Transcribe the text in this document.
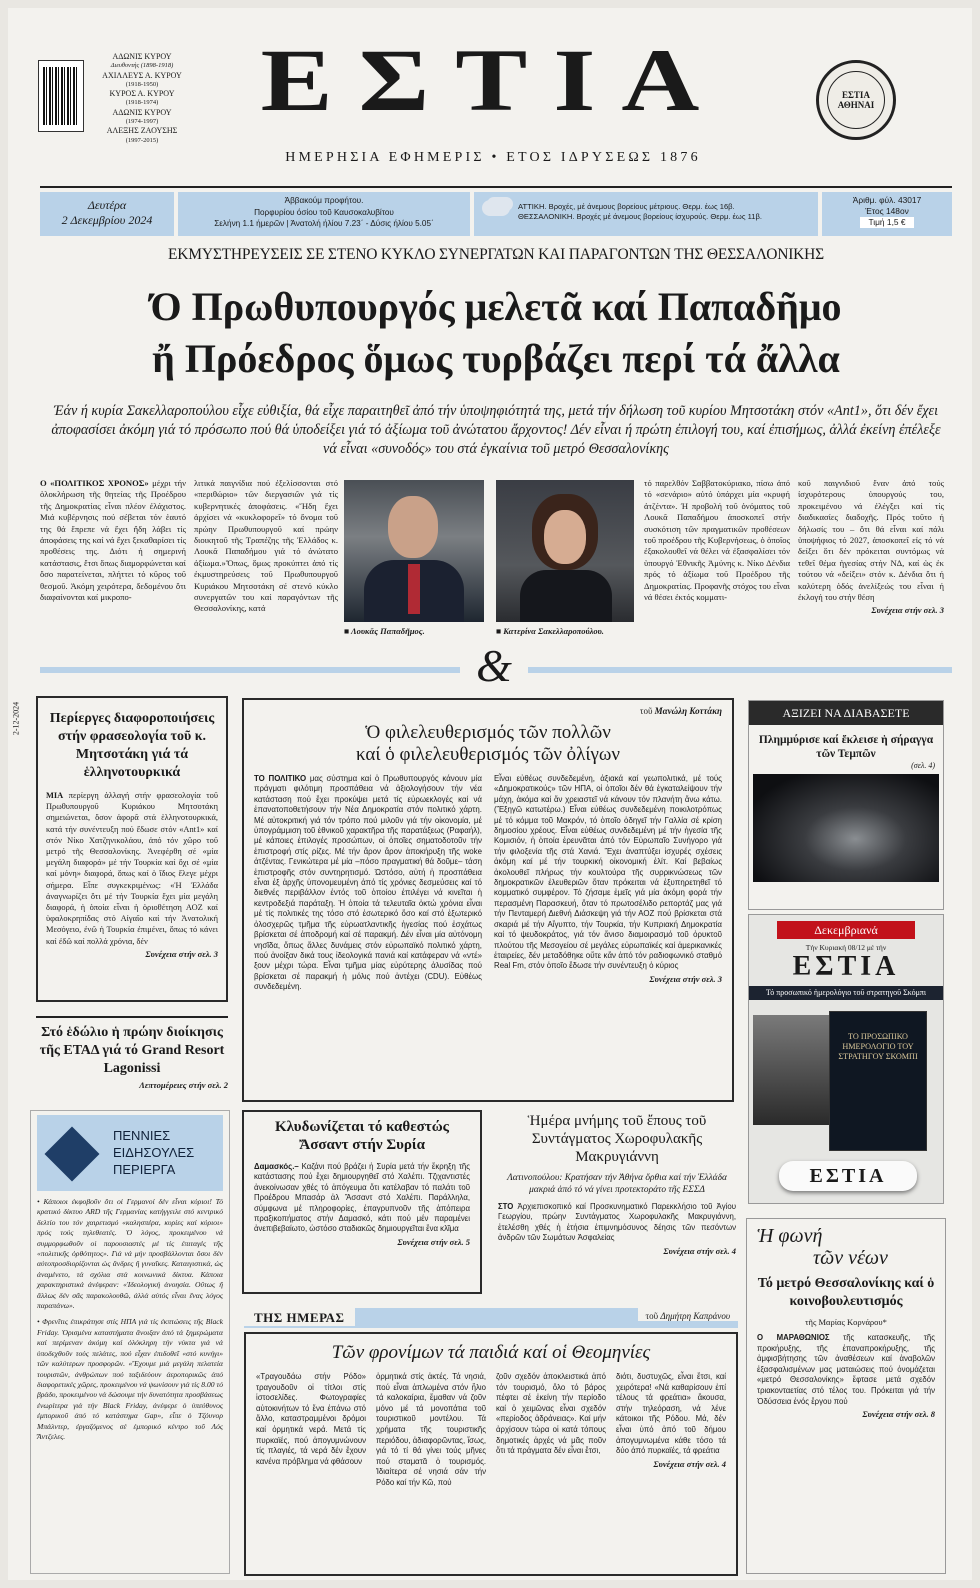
ΑΔΩΝΙΣ ΚΥΡΟΥ
Διευθυντής (1898-1918)
ΑΧΙΛΛΕΥΣ Α. ΚΥΡΟΥ
(1918-1950)
ΚΥΡΟΣ Α. ΚΥΡΟΥ
(1918-1974)
ΑΔΩΝΙΣ ΚΥΡΟΥ
(1974-1997)
ΑΛΕΞΗΣ ΖΑΟΥΣΗΣ
(1997-2015)
ΕΣΤΙΑ
ΗΜΕΡΗΣΙΑ ΕΦΗΜΕΡΙΣ • ΕΤΟΣ ΙΔΡΥΣΕΩΣ 1876
ΕΣΤΙΑ ΑΘΗΝΑΙ
Δευτέρα
2 Δεκεμβρίου 2024
Άββακούμ προφήτου.
Πορφυρίου όσίου τοῦ Καυσοκαλυβίτου
Σελήνη 1.1 ήμερῶν | Άνατολή ήλίου 7.23΄ - Δύσις ήλίου 5.05΄
ΑΤΤΙΚΗ. Βροχές, μέ άνεμους βορείους μέτριους. Θερμ. έως 16β.
ΘΕΣΣΑΛΟΝΙΚΗ. Βροχές μέ άνεμους βορείους ίσχυρούς. Θερμ. έως 11β.
Άριθμ. φύλ. 43017
Έτος 148ον
Τιμή 1,5 €
ΕΚΜΥΣΤΗΡΕΥΣΕΙΣ ΣΕ ΣΤΕΝΟ ΚΥΚΛΟ ΣΥΝΕΡΓΑΤΩΝ ΚΑΙ ΠΑΡΑΓΟΝΤΩΝ ΤΗΣ ΘΕΣΣΑΛΟΝΙΚΗΣ
Ό Πρωθυπουργός μελετᾶ καί Παπαδῆμο
ἤ Πρόεδρος ὅμως τυρβάζει περί τά ἄλλα
Έάν ή κυρία Σακελλαροπούλου εἶχε εὐθιξία, θά εἶχε παραιτηθεῖ ἀπό τήν ὑποψηφιότητά της, μετά τήν δήλωση τοῦ κυρίου Μητσοτάκη στόν «Ant1», ὅτι δέν ἔχει ἀποφασίσει ἀκόμη γιά τό πρόσωπο πού θά ὑποδείξει γιά τό ἀξίωμα τοῦ ἀνώτατου ἄρχοντος! Δέν εἶναι ή πρώτη ἐπιλογή του, καί ἐπισήμως, ἀλλά ἐκείνη ἐπέλεξε νά εἶναι «συνοδός» του στά ἐγκαίνια τοῦ μετρό Θεσσαλονίκης
Ο «ΠΟΛΙΤΙΚΟΣ ΧΡΟΝΟΣ» μέχρι τήν ὁλοκλήρωση τῆς θητείας τῆς Προέδρου τῆς Δημοκρατίας εἶναι πλέον ἐλάχιστος. Μιά κυβέρνησις πού σέβεται τόν ἑαυτό της θά ἔπρεπε νά ἔχει ἤδη λάβει τίς ἀποφάσεις της καί νά ἔχει ξεκαθαρίσει τίς προθέσεις της. Διότι ή σημερινή κατάστασις, ἔτσι ὅπως διαμορφώνεται καί ὅσο παρατείνεται, πλήττει τό κῦρος τοῦ θεσμοῦ. Ἀκόμη χειρότερα, δεδομένου ὅτι διαφαίνονται καί μικροπο-
λιτικά παιγνίδια πού ἐξελίσσονται στό «περιθώριο» τῶν διεργασιῶν γιά τίς κυβερνητικές ἀποφάσεις. «Ἤδη ἔχει ἀρχίσει νά «κυκλοφορεῖ» τό ὄνομα τοῦ πρώην Πρωθυπουργοῦ καί πρώην διοικητοῦ τῆς Τραπέζης τῆς Ἑλλάδος κ. Λουκᾶ Παπαδήμου γιά τό ἀνώτατο ἀξίωμα.»Ὅπως, ὅμως προκύπτει ἀπό τίς ἐκμυστηρεύσεις τοῦ Πρωθυπουργοῦ Κυριάκου Μητσοτάκη σέ στενό κύκλο συνεργατῶν του καί παραγόντων τῆς Θεσσαλονίκης, κατά
■ Λουκᾶς Παπαδῆμος.	■ Κατερίνα Σακελλαροπούλου.
τό παρελθόν Σαββατοκύριακο, πίσω ἀπό τό «σενάριο» αὐτό ὑπάρχει μία «κρυφή ἀτζέντα». Ή προβολή τοῦ ὀνόματος τοῦ Λουκᾶ Παπαδήμου ἀποσκοπεῖ στήν συσκότιση τῶν πραγματικῶν προθέσεων τοῦ προέδρου τῆς Κυβερνήσεως, ὁ ὁποῖος ἐξακολουθεῖ νά θέλει νά ἐξασφαλίσει τόν ὑπουργό Ἐθνικῆς Ἀμύνης κ. Νίκο Δένδια πρός τό ἀξίωμα τοῦ Προέδρου τῆς Δημοκρατίας. Προφανῆς στόχος του εἶναι νά θέσει ἐκτός κομματι-
κοῦ παιγνιδιοῦ ἕναν ἀπό τούς ἰσχυρότερους ὑπουργούς του, προκειμένου νά ἐλέγξει καί τίς διαδικασίες διαδοχῆς. Πρός τοῦτο ή δήλωσίς του – ὅτι θά εἶναι καί πάλι ὑποψήφιος τό 2027, ἀποσκοπεῖ εἰς τό νά δείξει ὅτι δέν πρόκειται συντόμως νά τεθεῖ θέμα ἡγεσίας στήν ΝΔ, καί ὡς ἐκ τούτου νά «δείξει» στόν κ. Δένδια ὅτι ή καλύτερη ὁδός ἀνελίξεώς του εἶναι ή ἐκλογή του στήν θέση
Συνέχεια στήν σελ. 3
&
Περίεργες διαφοροποιήσεις στήν φρασεολογία τοῦ κ. Μητσοτάκη γιά τά ἑλληνοτουρκικά
ΜΙΑ περίεργη ἀλλαγή στήν φρασεολογία τοῦ Πρωθυπουργοῦ Κυριάκου Μητσοτάκη σημειώνεται, ὅσον ἀφορᾶ στά ἑλληνοτουρκικά, κατά τήν συνέντευξη πού ἔδωσε στόν «Ant1» καί στόν Νίκο Χατζηνικολάου, ἀπό τόν χῶρο τοῦ μετρό τῆς Θεσσαλονίκης. Ἀνεφέρθη σέ «μία μεγάλη διαφορά» μέ τήν Τουρκία καί ὄχι σέ «μία καί μόνη» διαφορά, ὅπως καί ὁ ἴδιος ἔλεγε μέχρι σήμερα. Εἶπε συγκεκριμένως: «Ἡ Ἑλλάδα ἀναγνωρίζει ὅτι μέ τήν Τουρκία ἔχει μία μεγάλη διαφορά, ἡ ὁποία εἶναι ἡ ὁριοθέτηση ΑΟΖ καί ὑφαλοκρηπίδας στό Αἰγαῖο καί τήν Ἀνατολική Μεσόγειο, ἐνῶ ἡ Τουρκία ἐπιμένει, ὅπως τό κάνει καί ἐδῶ καί πολλά χρόνια, δέν
Συνέχεια στήν σελ. 3
Στό ἑδώλιο ἡ πρώην διοίκησις τῆς ΕΤΑΔ γιά τό Grand Resort Lagonissi
Λεπτομέρειες στήν σελ. 2
ΠΕΝΝΙΕΣ
ΕΙΔΗΣΟΥΛΕΣ
ΠΕΡΙΕΡΓΑ
• Κάποιοι ἐκφοβοῦν ὅτι οἱ Γερμανοί δέν εἶναι κύριοι! Τό κρατικό δίκτυο ARD τῆς Γερμανίας κατήγγειλε στό κεντρικό δελτίο του τόν χαιρετισμό «καλησπέρα, κυρίες καί κύριοι» πρός τούς τηλεθεατές. Ὁ λόγος, προκειμένου νά συμμορφωθοῦν οἱ παρουσιαστές μέ τίς ἐπιταγές τῆς «πολιτικῆς ὀρθότητος». Γιά νά μήν προσβάλλονται ὅσοι δέν αὐτοπροσδιορίζονται ὡς ἄνδρες ἤ γυναῖκες. Καταιγιστικά, ὡς ἀναμένετο, τά σχόλια στά κοινωνικά δίκτυα. Κάποια χαρακτηριστικά ἀνέφεραν: «Ἰδεολογική ἀνοησία. Οὔτως ἤ ἄλλως δέν σᾶς παρακολουθῶ, ἀλλά αὐτός εἶναι ἕνας λόγος παραπάνω».
• Φρενῖτις ἐπικράτησε στίς ΗΠΑ γιά τίς ἐκπτώσεις τῆς Black Friday. Ὁρισμένα καταστήματα ἄνοιξαν ἀπό τά ξημερώματα καί περίμεναν ἀκόμη καί ὁλόκληρη τήν νύκτα γιά νά ὑποδεχθοῦν τούς πελάτες, πού εἶχαν ἐπιδοθεῖ «στό κυνήγι» τῶν καλύτερων προσφορῶν. «Ἔχουμε μιά μεγάλη πελατεία τουριστῶν, ἀνθρώπων πού ταξιδεύουν ἀεροπορικῶς ἀπό διαφορετικές χῶρες, προκειμένου νά ψωνίσουν γιά τίς 8.00 τό βράδυ, προκειμένου νά δώσουμε τήν δυνατότητα προσβάσεως ἐνωρίτερα γιά τήν Black Friday, ἀνέφερε ὁ ὑπεύθυνος ἐμπορικοῦ ἀπό τό κατάστημα Gap», εἶπε ὁ Τζόυνορ Μπάλντερ, ἐργαζόμενος σέ ἐμπορικό κέντρο τοῦ Λός Ἄντζελες.
τοῦ Μανώλη Κοττάκη
Ὁ φιλελευθερισμός τῶν πολλῶν
καί ὁ φιλελευθερισμός τῶν ὀλίγων
ΤΟ ΠΟΛΙΤΙΚΟ μας σύστημα καί ὁ Πρωθυπουργός κάνουν μία πράγματι φιλότιμη προσπάθεια νά ἀξιολογήσουν τήν νέα κατάσταση πού ἔχει προκύψει μετά τίς εὐρωεκλογές καί νά ἐπανατοποθετήσουν τήν Νέα Δημοκρατία στόν πολιτικό χάρτη. Μέ αὐτοκριτική γιά τόν τρόπο πού μιλοῦν γιά τήν οἰκονομία, μέ ὑπογράμμιση τοῦ ἐθνικοῦ χαρακτῆρα τῆς παρατάξεως (Ραφαήλ), μέ κάποιες ἐπιλογές προσώπων, οἱ ὁποῖες σηματοδοτοῦν τήν ἐπιστροφή στίς ρίζες. Μέ τήν ἄρον ἄρον ἀποκήρυξη τῆς woke ἀτζέντας. Γενικώτερα μέ μία –πόσο πραγματική θά δοῦμε– τάση ἐπιστροφῆς στόν συντηρητισμό. Ὡστόσο, αὐτή ἡ προσπάθεια εἶναι ἐξ ἀρχῆς ὑπονομευμένη ἀπό τίς χρόνιες δεσμεύσεις καί τό διεθνές περιβάλλον ἐντός τοῦ ὁποίου ἐπιλέγει νά κινεῖται ἡ κεντροδεξιά παράταξη. Ἡ ὁποία τά τελευταῖα ὀκτώ χρόνια εἶναι μέ τίς πολιτικές της τόσο στό ἐσωτερικό ὅσο καί στό ἐξωτερικό ὀλοσχερῶς τμῆμα τῆς εὐρωατλαντικῆς ἡγεσίας πού ἐσχάτως βρίσκεται σέ ἀποδρομή καί σέ παρακμή. Δέν εἶναι μία αὐτόνομη νησῖδα, ὅπως ἄλλες δυνάμεις στόν εὐρωπαϊκό πολιτικό χάρτη, πού ἀνοίξαν δικά τους ἰδεολογικά πανιά καί κατάφεραν νά «ντέ» ξουν μέχρι τώρα. Εἶναι τμῆμα μίας εὐρύτερης ἀλυσίδας πού βρίσκεται σέ παρακμή ἡ μόλις πού ἀντέχει (CDU). Εὐθέως συνδεδεμένη.
Εἶναι εὐθέως συνδεδεμένη, ἀξιακά καί γεωπολιτικά, μέ τούς «Δημοκρατικούς» τῶν ΗΠΑ, οἱ ὁποῖοι δέν θά ἐγκαταλείψουν τήν μάχη, ἀκόμα καί ἄν χρειαστεῖ νά κάνουν τόν πλανήτη ἄνω κάτω. (Ἔξηγῶ κατωτέρω.) Εἶναι εὐθέως συνδεδεμένη ποικιλοτρόπως μέ τό κόμμα τοῦ Μακρόν, τό ὁποῖο ὁδηγεῖ τήν Γαλλία σέ κρίση δημοσίου χρέους. Εἶναι εὐθέως συνδεδεμένη μέ τήν ἡγεσία τῆς Κομισιόν, ἡ ὁποία ἐρευνᾶται ἀπό τόν Εὐρωπαῖο Συνήγορο γιά τήν φιλοξενία τῆς στά Χανιά. Ἔχει ἀναπτύξει ἰσχυρές σχέσεις ἀκόμη καί μέ τήν τουρκική οἰκονομική ἐλίτ. Καί βεβαίως ἀκολουθεῖ πλήρως τήν κουλτούρα τῆς συρρικνώσεως τῶν δημοκρατικῶν ἐλευθεριῶν ὅταν πρόκειται νά ἐξυπηρετηθεῖ τό κομματικό συμφέρον. Τό ζήσαμε ἐμεῖς γιά μία ἀκόμη φορά τήν περασμένη Παρασκευή, ὅταν τό πρωτοσέλιδο ρεπορτάζ μας γιά τήν Πενταμερή Διεθνή Διάσκεψη γιά τήν ΑΟΖ πού βρίσκεται στά σκαριά μέ τήν Αἴγυπτο, τήν Τουρκία, τήν Κυπριακή Δημοκρατία καί τό ψευδοκράτος, γιά τόν ἄνισο διαμοιρασμό τοῦ ὀρυκτοῦ πλούτου τῆς Μεσογείου σέ μεγάλες εὐρωπαϊκές καί ἀμερικανικές ἑταιρείες, δέν μεταδόθηκε οὔτε κἄν ἀπό τόν ραδιοφωνικό σταθμό Real Fm, στόν ὁποῖο ἔδωσε τήν συνέντευξη ὁ κύριος
Συνέχεια στήν σελ. 3
Κλυδωνίζεται τό καθεστώς
Ἄσσαντ στήν Συρία
Δαμασκός.– Καζάνι πού βράζει ἡ Συρία μετά τήν ἔκρηξη τῆς κατάστασης πού ἔχει δημιουργηθεῖ στό Χαλέπι. Τζιχαντιστές ἀνεκοίνωσαν χθές τό ἀπόγευμα ὅτι κατέλαβαν τό παλάτι τοῦ Προέδρου Μπασάρ ἀλ Ἄσσαντ στό Χαλέπι. Παράλληλα, σύμφωνα μέ πληροφορίες, ἐπαγρυπνοῦν τῆς ἀπόπειρα πραξικοπήματος στήν Δαμασκό, κάτι πού μέν παραμένει ἀνεπιβεβαίωτο, ὡστόσο σταδιακῶς δημιουργεῖται ἕνα κλῖμα
Συνέχεια στήν σελ. 5
Ἡμέρα μνήμης τοῦ ἔπους τοῦ Συντάγματος Χωροφυλακῆς Μακρυγιάννη
Λατινοπούλου: Κρατήσαν τήν Ἀθήνα ὄρθια καί τήν Ἑλλάδα μακριά ἀπό τό νά γίνει προτεκτοράτο τῆς ΕΣΣΔ
ΣΤΟ Ἀρχιεπισκοπικό καί Προσκυνηματικό Παρεκκλήσιο τοῦ Ἁγίου Γεωργίου, πρώην Συντάγματος Χωροφυλακῆς Μακρυγιάννη, ἐτελέσθη χθές ἡ ἐτήσια ἐπιμνημόσυνος δέησις τῶν πεσόντων ἀνδρῶν τῶν Σωμάτων Ἀσφαλείας
Συνέχεια στήν σελ. 4
ΑΞΙΖΕΙ ΝΑ ΔΙΑΒΑΣΕΤΕ
Πλημμύρισε καί ἔκλεισε ἡ σήραγγα τῶν Τεμπῶν
(σελ. 4)
Δεκεμβριανά
Τήν Κυριακή 08/12 μέ τήν
ΕΣΤΙΑ
Τό προσωπικό ἡμερολόγιο τοῦ στρατηγοῦ Σκόμπι
ΤΟ ΠΡΟΣΩΠΙΚΟ ΗΜΕΡΟΛΟΓΙΟ ΤΟΥ ΣΤΡΑΤΗΓΟΥ ΣΚΟΜΠΙ
ΕΣΤΙΑ
Ἡ φωνή
τῶν νέων
Τό μετρό Θεσσαλονίκης καί ὁ κοινοβουλευτισμός
τῆς Μαρίας Κορνάρου*
Ο ΜΑΡΑΘΩΝΙΟΣ τῆς κατασκευῆς, τῆς προκήρυξης, τῆς ἐπαναπροκήρυξης, τῆς ἀμφισβήτησης τῶν ἀναθέσεων καί ἀναβολῶν ἐξασφαλισμένων μας ματαιώσεις πού ὀνομάζεται «μετρό Θεσσαλονίκης» ἔφτασε μετά σχεδόν τριακονταετίας στό τέλος του. Πρόκειται γιά τήν Ὀδύσσεια ἑνός ἔργου πού
Συνέχεια στήν σελ. 8
ΤΗΣ ΗΜΕΡΑΣ	τοῦ Δημήτρη Καπράνου
Τῶν φρονίμων τά παιδιά καί οἱ Θεομηνίες
«Τραγουδάω στήν Ρόδο» τραγουδοῦν οἱ τίτλοι στίς ἱστοσελίδες. Φωτογραφίες αὐτοκινήτων τό ἕνα ἐπάνω στό ἄλλο, καταστραμμένοι δρόμοι καί ὁρμητικά νερά. Μετά τίς πυρκαϊές, πού ἀπογυμνώνουν τίς πλαγιές, τά νερά δέν ἔχουν κανένα πρόβλημα νά φθάσουν
ὁρμητικά στίς ἀκτές. Τά νησιά, πού εἶναι ἀπλωμένα στόν ἥλιο τά καλοκαίρια, ἔμαθαν νά ζοῦν μόνο μέ τά μονοπάτια τοῦ τουριστικοῦ μοντέλου. Τά χρήματα τῆς τουριστικῆς περιόδου, ἀδιαφορῶντας, ἴσως, γιά τό τί θά γίνει τούς μῆνες πού σταματᾶ ὁ τουρισμός. Ἱδιαίτερα σέ νησιά σάν τήν Ρόδο καί τήν Κῶ, πού
ζοῦν σχεδόν ἀποκλειστικά ἀπό τόν τουρισμό, ὅλο τό βάρος πέφτει σέ ἐκείνη τήν περίοδο καί ὁ χειμῶνας εἶναι σχεδόν «περίοδος ἀδράνειας». Καί μήν ἀρχίσουν τώρα οἱ κατά τόπους δημοτικές ἀρχές νά μᾶς ποῦν ὅτι τά πράγματα δέν εἶναι ἔτσι,
διότι, δυστυχῶς, εἶναι ἔτσι, καί χειρότερα! «Νά καθαρίσουν ἐπί τέλους τά φρεάτια» ἄκουσα, στήν τηλεόραση, νά λένε κάτοικοι τῆς Ρόδου. Μά, δέν εἶναι ὑπό ἀπό τοῦ δήμου ἀπογυμνωμένα κάθε τόσο τά δύο ἀπό πυρκαϊές, τά φρεάτια
Συνέχεια στήν σελ. 4
2-12-2024
